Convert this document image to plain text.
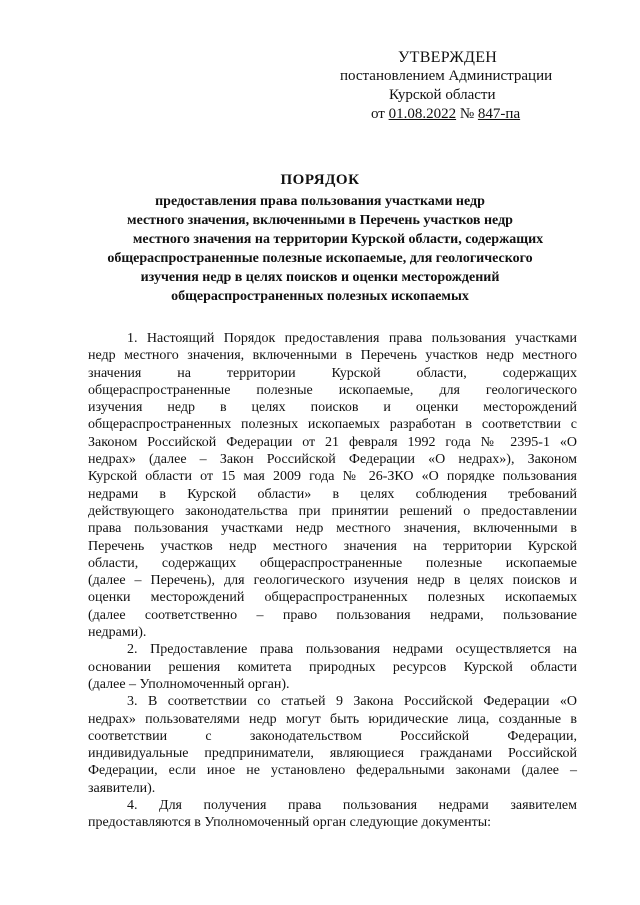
УТВЕРЖДЕН
постановлением Администрации
Курской области
от 01.08.2022 № 847-па
ПОРЯДОК
предоставления права пользования участками недр
местного значения, включенными в Перечень участков недр
местного значения на территории Курской области, содержащих
общераспространенные полезные ископаемые, для геологического
изучения недр в целях поисков и оценки месторождений
общераспространенных полезных ископаемых

1. Настоящий Порядок предоставления права пользования участками
недр местного значения, включенными в Перечень участков недр местного
значения на территории Курской области, содержащих
общераспространенные полезные ископаемые, для геологического
изучения недр в целях поисков и оценки месторождений
общераспространенных полезных ископаемых разработан в соответствии с
Законом Российской Федерации от 21 февраля 1992 года № 2395-1 «О
недрах» (далее – Закон Российской Федерации «О недрах»), Законом
Курской области от 15 мая 2009 года № 26-ЗКО «О порядке пользования
недрами в Курской области» в целях соблюдения требований
действующего законодательства при принятии решений о предоставлении
права пользования участками недр местного значения, включенными в
Перечень участков недр местного значения на территории Курской
области, содержащих общераспространенные полезные ископаемые
(далее – Перечень), для геологического изучения недр в целях поисков и
оценки месторождений общераспространенных полезных ископаемых
(далее соответственно – право пользования недрами, пользование
недрами).

2. Предоставление права пользования недрами осуществляется на
основании решения комитета природных ресурсов Курской области
(далее – Уполномоченный орган).

3. В соответствии со статьей 9 Закона Российской Федерации «О
недрах» пользователями недр могут быть юридические лица, созданные в
соответствии с законодательством Российской Федерации,
индивидуальные предприниматели, являющиеся гражданами Российской
Федерации, если иное не установлено федеральными законами (далее –
заявители).

4. Для получения права пользования недрами заявителем
предоставляются в Уполномоченный орган следующие документы:
